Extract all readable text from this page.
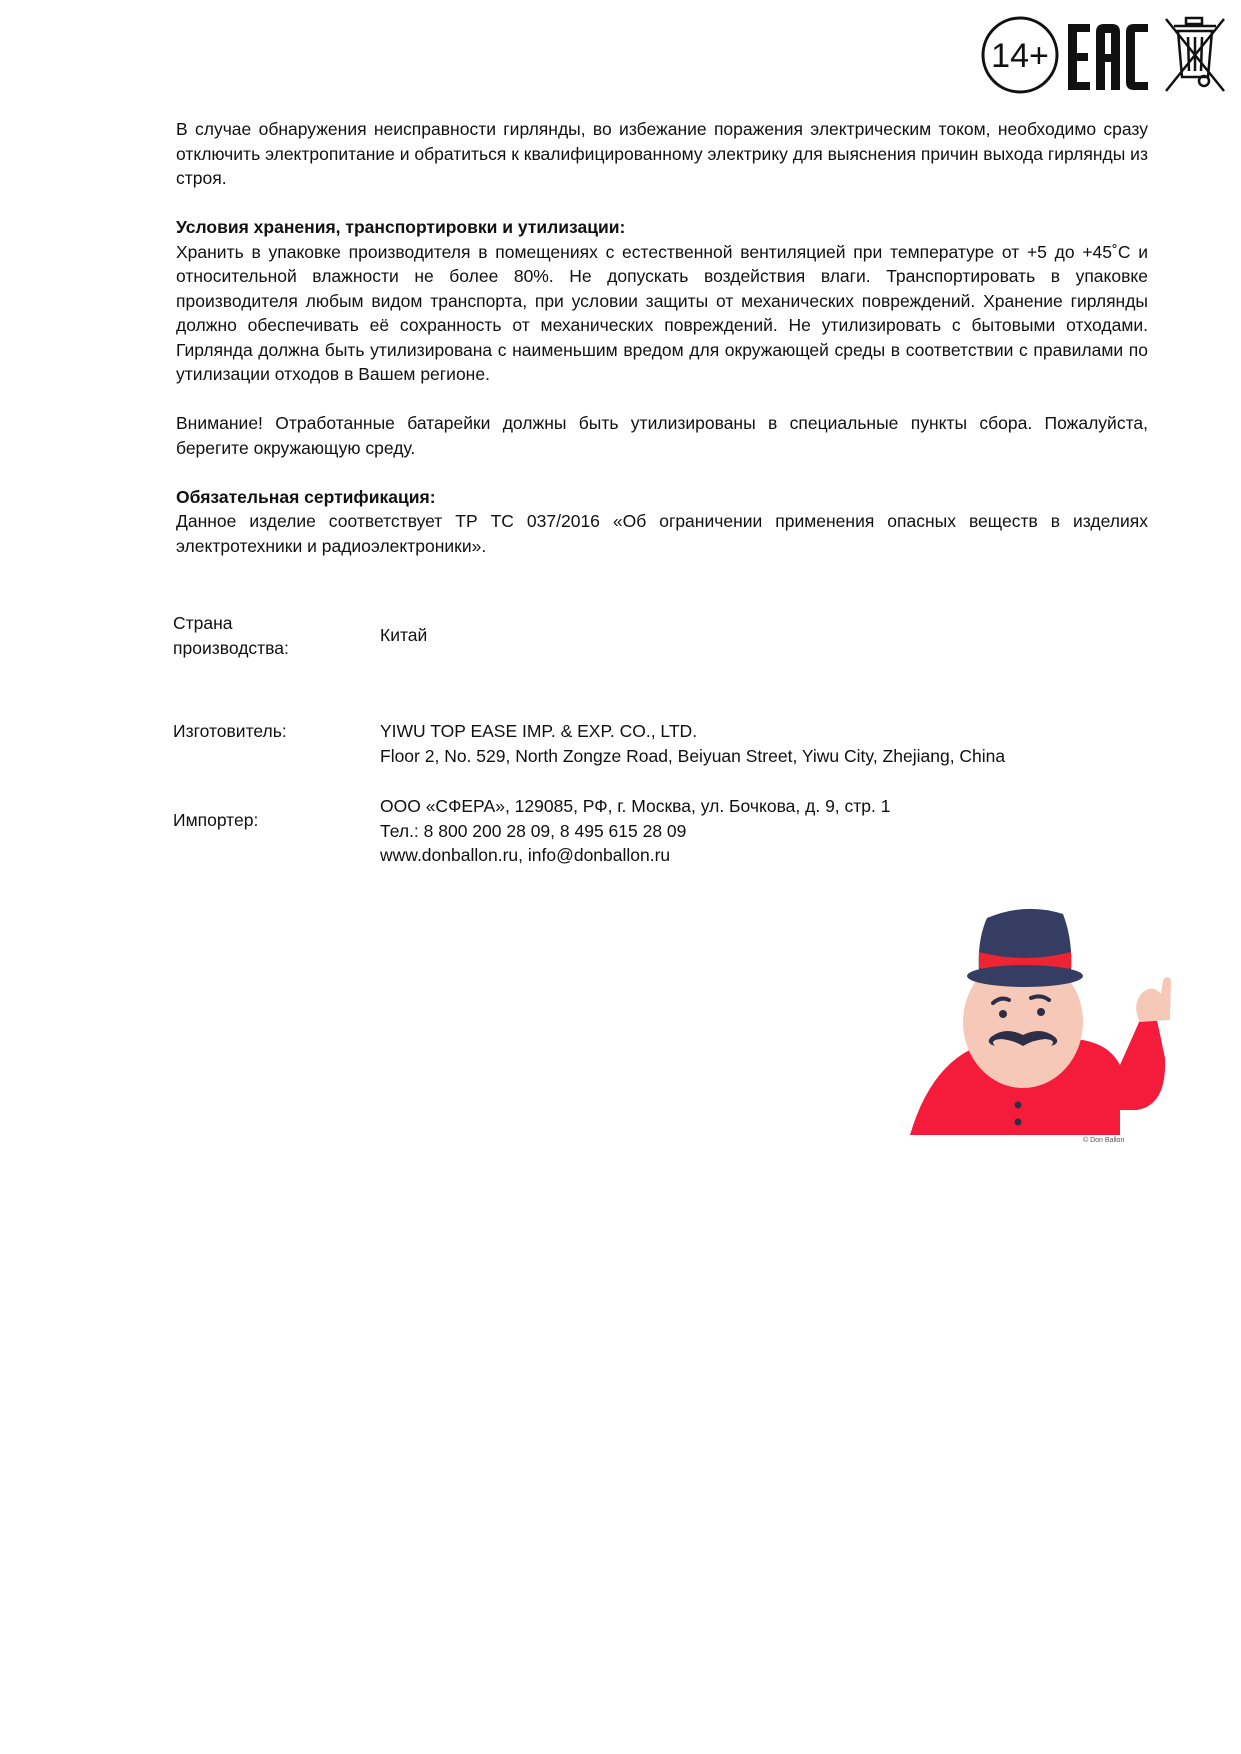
14+

В случае обнаружения неисправности гирлянды, во избежание поражения электрическим током, необходимо сразу отключить электропитание и обратиться к квалифицированному электрику для выяснения причин выхода гирлянды из строя.

Условия хранения, транспортировки и утилизации:

Хранить в упаковке производителя в помещениях с естественной вентиляцией при температуре от +5 до +45˚С и относительной влажности не более 80%. Не допускать воздействия влаги. Транспортировать в упаковке производителя любым видом транспорта, при условии защиты от механических повреждений. Хранение гирлянды должно обеспечивать её сохранность от механических повреждений. Не утилизировать с бытовыми отходами. Гирлянда должна быть утилизирована с наименьшим вредом для окружающей среды в соответствии с правилами по утилизации отходов в Вашем регионе.

Внимание! Отработанные батарейки должны быть утилизированы в специальные пункты сбора. Пожалуйста, берегите окружающую среду.

Обязательная сертификация:

Данное изделие соответствует ТР ТС 037/2016 «Об ограничении применения опасных веществ в изделиях электротехники и радиоэлектроники».

Страна
производства:
Китай
Изготовитель:	YIWU TOP EASE IMP. & EXP. CO., LTD.
Floor 2, No. 529, North Zongze Road, Beiyuan Street, Yiwu City, Zhejiang, China
Импортер:
ООО «СФЕРА», 129085, РФ, г. Москва, ул. Бочкова, д. 9, стр. 1
Тел.: 8 800 200 28 09, 8 495 615 28 09
www.donballon.ru, info@donballon.ru
© Don Ballon
